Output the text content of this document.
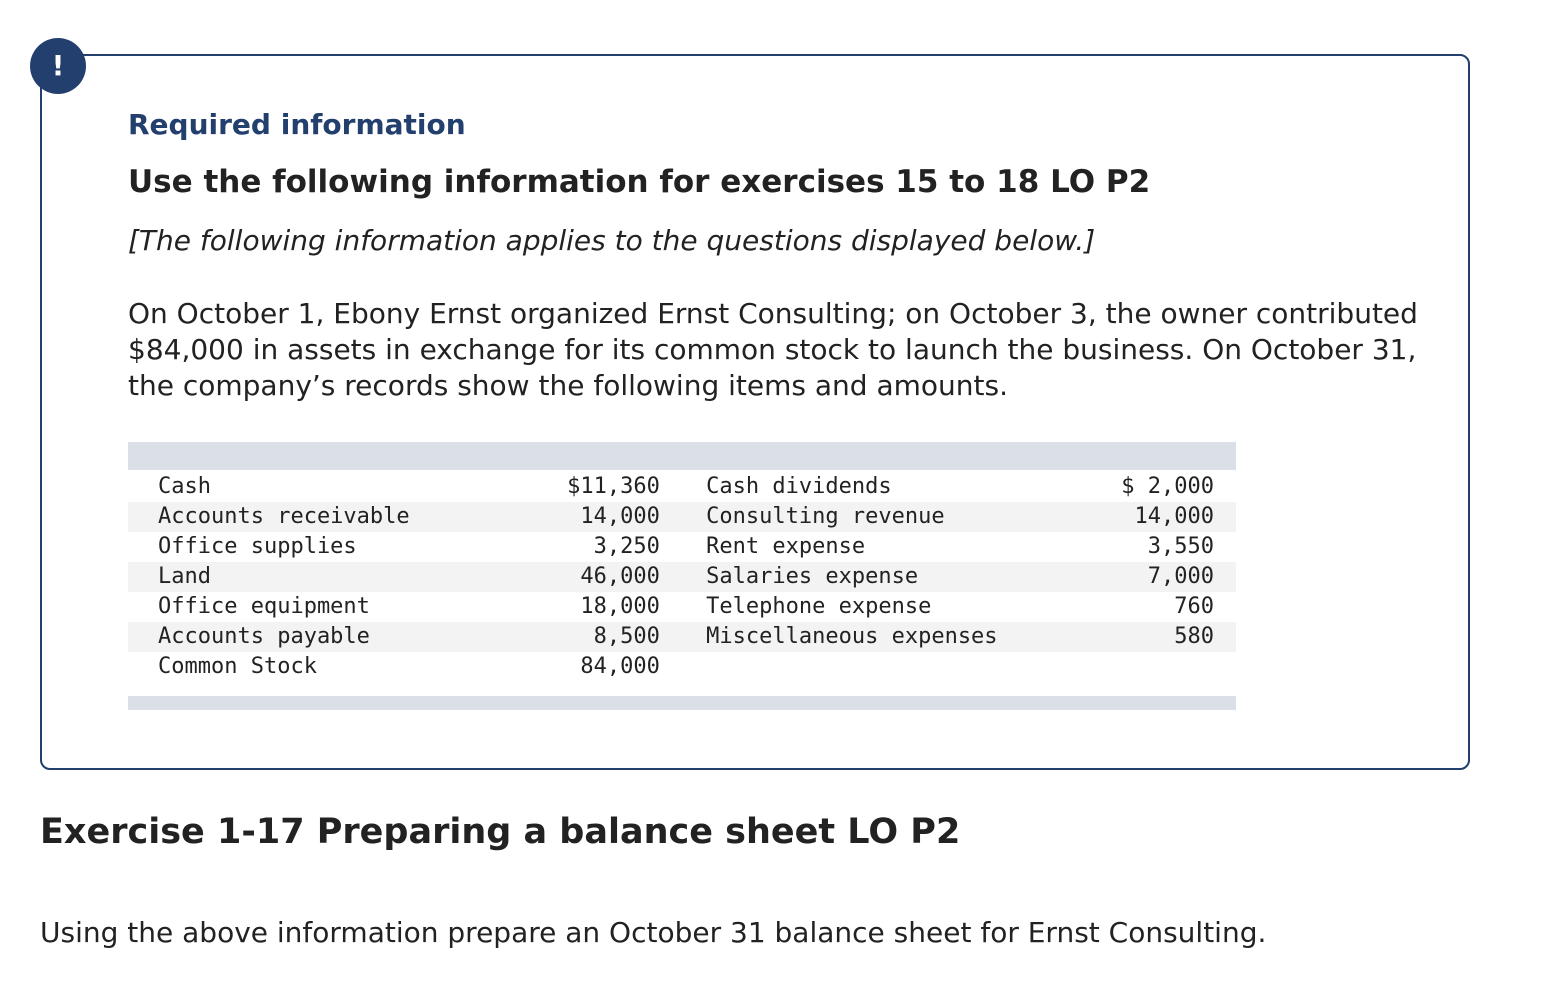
!
Required information
Use the following information for exercises 15 to 18 LO P2

[The following information applies to the questions displayed below.]

On October 1, Ebony Ernst organized Ernst Consulting; on October 3, the owner contributed $84,000 in assets in exchange for its common stock to launch the business. On October 31, the company’s records show the following items and amounts.

Cash	$11,360		Cash dividends	$ 2,000
Accounts receivable	14,000		Consulting revenue	14,000
Office supplies	3,250		Rent expense	3,550
Land	46,000		Salaries expense	7,000
Office equipment	18,000		Telephone expense	760
Accounts payable	8,500		Miscellaneous expenses	580
Common Stock	84,000			
Exercise 1-17 Preparing a balance sheet LO P2

Using the above information prepare an October 31 balance sheet for Ernst Consulting.
